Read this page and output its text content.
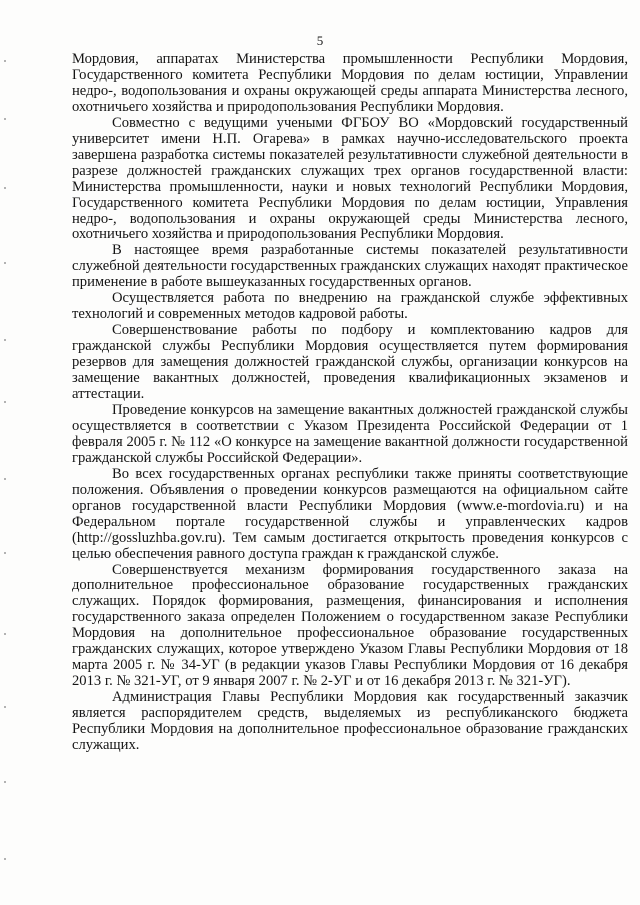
5

Мордовия, аппаратах Министерства промышленности Республики Мордовия, Государственного комитета Республики Мордовия по делам юстиции, Управлении недро-, водопользования и охраны окружающей среды аппарата Министерства лесного, охотничьего хозяйства и природопользования Республики Мордовия.

Совместно с ведущими учеными ФГБОУ ВО «Мордовский государственный университет имени Н.П. Огарева» в рамках научно-исследовательского проекта завершена разработка системы показателей результативности служебной деятельности в разрезе должностей гражданских служащих трех органов государственной власти: Министерства промышленности, науки и новых технологий Республики Мордовия, Государственного комитета Республики Мордовия по делам юстиции, Управления недро-, водопользования и охраны окружающей среды Министерства лесного, охотничьего хозяйства и природопользования Республики Мордовия.

В настоящее время разработанные системы показателей результативности служебной деятельности государственных гражданских служащих находят практическое применение в работе вышеуказанных государственных органов.

Осуществляется работа по внедрению на гражданской службе эффективных технологий и современных методов кадровой работы.

Совершенствование работы по подбору и комплектованию кадров для гражданской службы Республики Мордовия осуществляется путем формирования резервов для замещения должностей гражданской службы, организации конкурсов на замещение вакантных должностей, проведения квалификационных экзаменов и аттестации.

Проведение конкурсов на замещение вакантных должностей гражданской службы осуществляется в соответствии с Указом Президента Российской Федерации от 1 февраля 2005 г. № 112 «О конкурсе на замещение вакантной должности государственной гражданской службы Российской Федерации».

Во всех государственных органах республики также приняты соответствующие положения. Объявления о проведении конкурсов размещаются на официальном сайте органов государственной власти Республики Мордовия (www.e-mordovia.ru) и на Федеральном портале государственной службы и управленческих кадров (http://gossluzhba.gov.ru). Тем самым достигается открытость проведения конкурсов с целью обеспечения равного доступа граждан к гражданской службе.

Совершенствуется механизм формирования государственного заказа на дополнительное профессиональное образование государственных гражданских служащих. Порядок формирования, размещения, финансирования и исполнения государственного заказа определен Положением о государственном заказе Республики Мордовия на дополнительное профессиональное образование государственных гражданских служащих, которое утверждено Указом Главы Республики Мордовия от 18 марта 2005 г. № 34-УГ (в редакции указов Главы Республики Мордовия от 16 декабря 2013 г. № 321-УГ, от 9 января 2007 г. № 2-УГ и от 16 декабря 2013 г. № 321-УГ).

Администрация Главы Республики Мордовия как государственный заказчик является распорядителем средств, выделяемых из республиканского бюджета Республики Мордовия на дополнительное профессиональное образование гражданских служащих.
